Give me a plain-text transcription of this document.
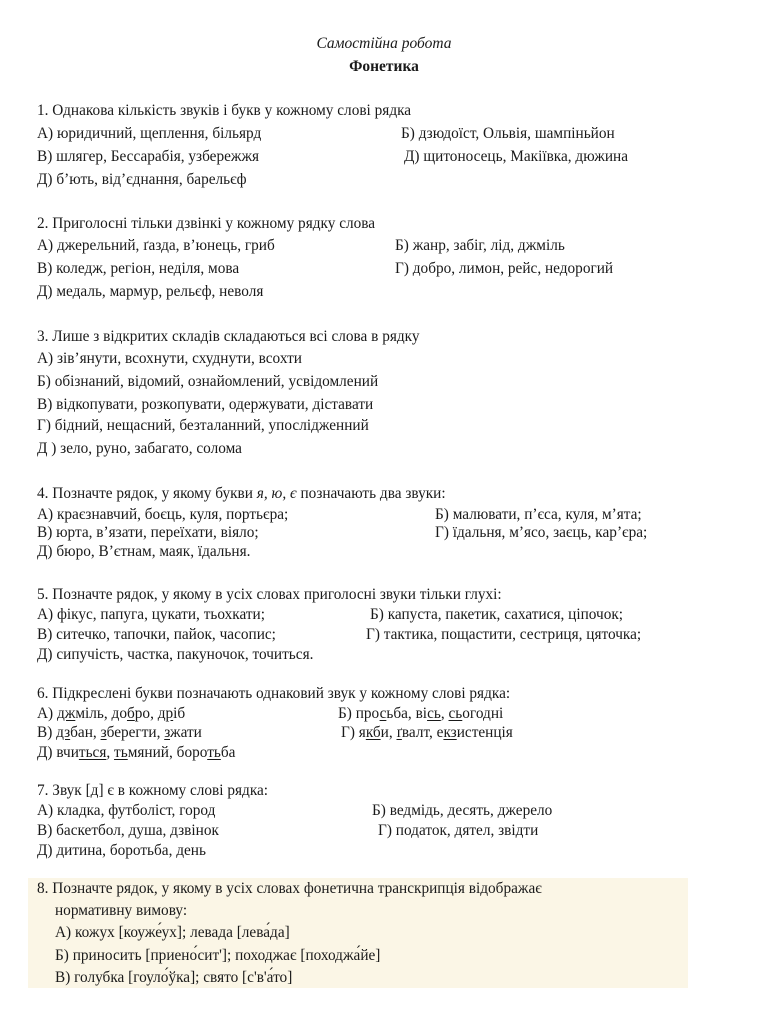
Самостійна робота
Фонетика
1. Однакова кількість звуків і букв у кожному слові рядка
А) юридичний, щеплення, більярд	Б) дзюдоїст, Ольвія, шампіньйон
В) шлягер, Бессарабія, узбережжя	Д) щитоносець, Макіївка, дюжина
Д) б’ють, від’єднання, барельєф
2. Приголосні тільки дзвінкі у кожному рядку слова
А) джерельний, ґазда, в’юнець, гриб	Б) жанр, забіг, лід, джміль
В) коледж, регіон, неділя, мова	Г) добро, лимон, рейс, недорогий
Д) медаль, мармур, рельєф, неволя
3. Лише з відкритих складів складаються всі слова в рядку
А) зів’янути, всохнути, схуднути, всохти
Б) обізнаний, відомий, ознайомлений, усвідомлений
В) відкопувати, розкопувати, одержувати, діставати
Г) бідний, нещасний, безталанний, упослідженний
Д ) зело, руно, забагато, солома
4. Позначте рядок, у якому букви я, ю, є позначають два звуки:
А) краєзнавчий, боєць, куля, портьєра;	Б) малювати, п’єса, куля, м’ята;
В) юрта, в’язати, переїхати, віяло;	Г) їдальня, м’ясо, заєць, кар’єра;
Д) бюро, В’єтнам, маяк, їдальня.
5. Позначте рядок, у якому в усіх словах приголосні звуки тільки глухі:
А) фікус, папуга, цукати, тьохкати;	Б) капуста, пакетик, сахатися, ціпочок;
В) ситечко, тапочки, пайок, часопис;	Г) тактика, пощастити, сестриця, цяточка;
Д) сипучість, частка, пакуночок, точиться.
6. Підкреслені букви позначають однаковий звук у кожному слові рядка:
А) джміль, добро, дріб	Б) просьба, вісь, сьогодні
В) дзбан, зберегти, зжати	Г) якби, ґвалт, екзистенція
Д) вчиться, тьмяний, боротьба
7. Звук [д] є в кожному слові рядка:
А) кладка, футболіст, город	Б) ведмідь, десять, джерело
В) баскетбол, душа, дзвінок	Г) податок, дятел, звідти
Д) дитина, боротьба, день
8. Позначте рядок, у якому в усіх словах фонетична транскрипція відображає
нормативну вимову:
А) кожух [коуже́ух]; левада [лева́да]
Б) приносить [приено́сит']; походжає [походжа́йе]
В) голубка [гоуло́ўка]; свято [с'в'а́то]
